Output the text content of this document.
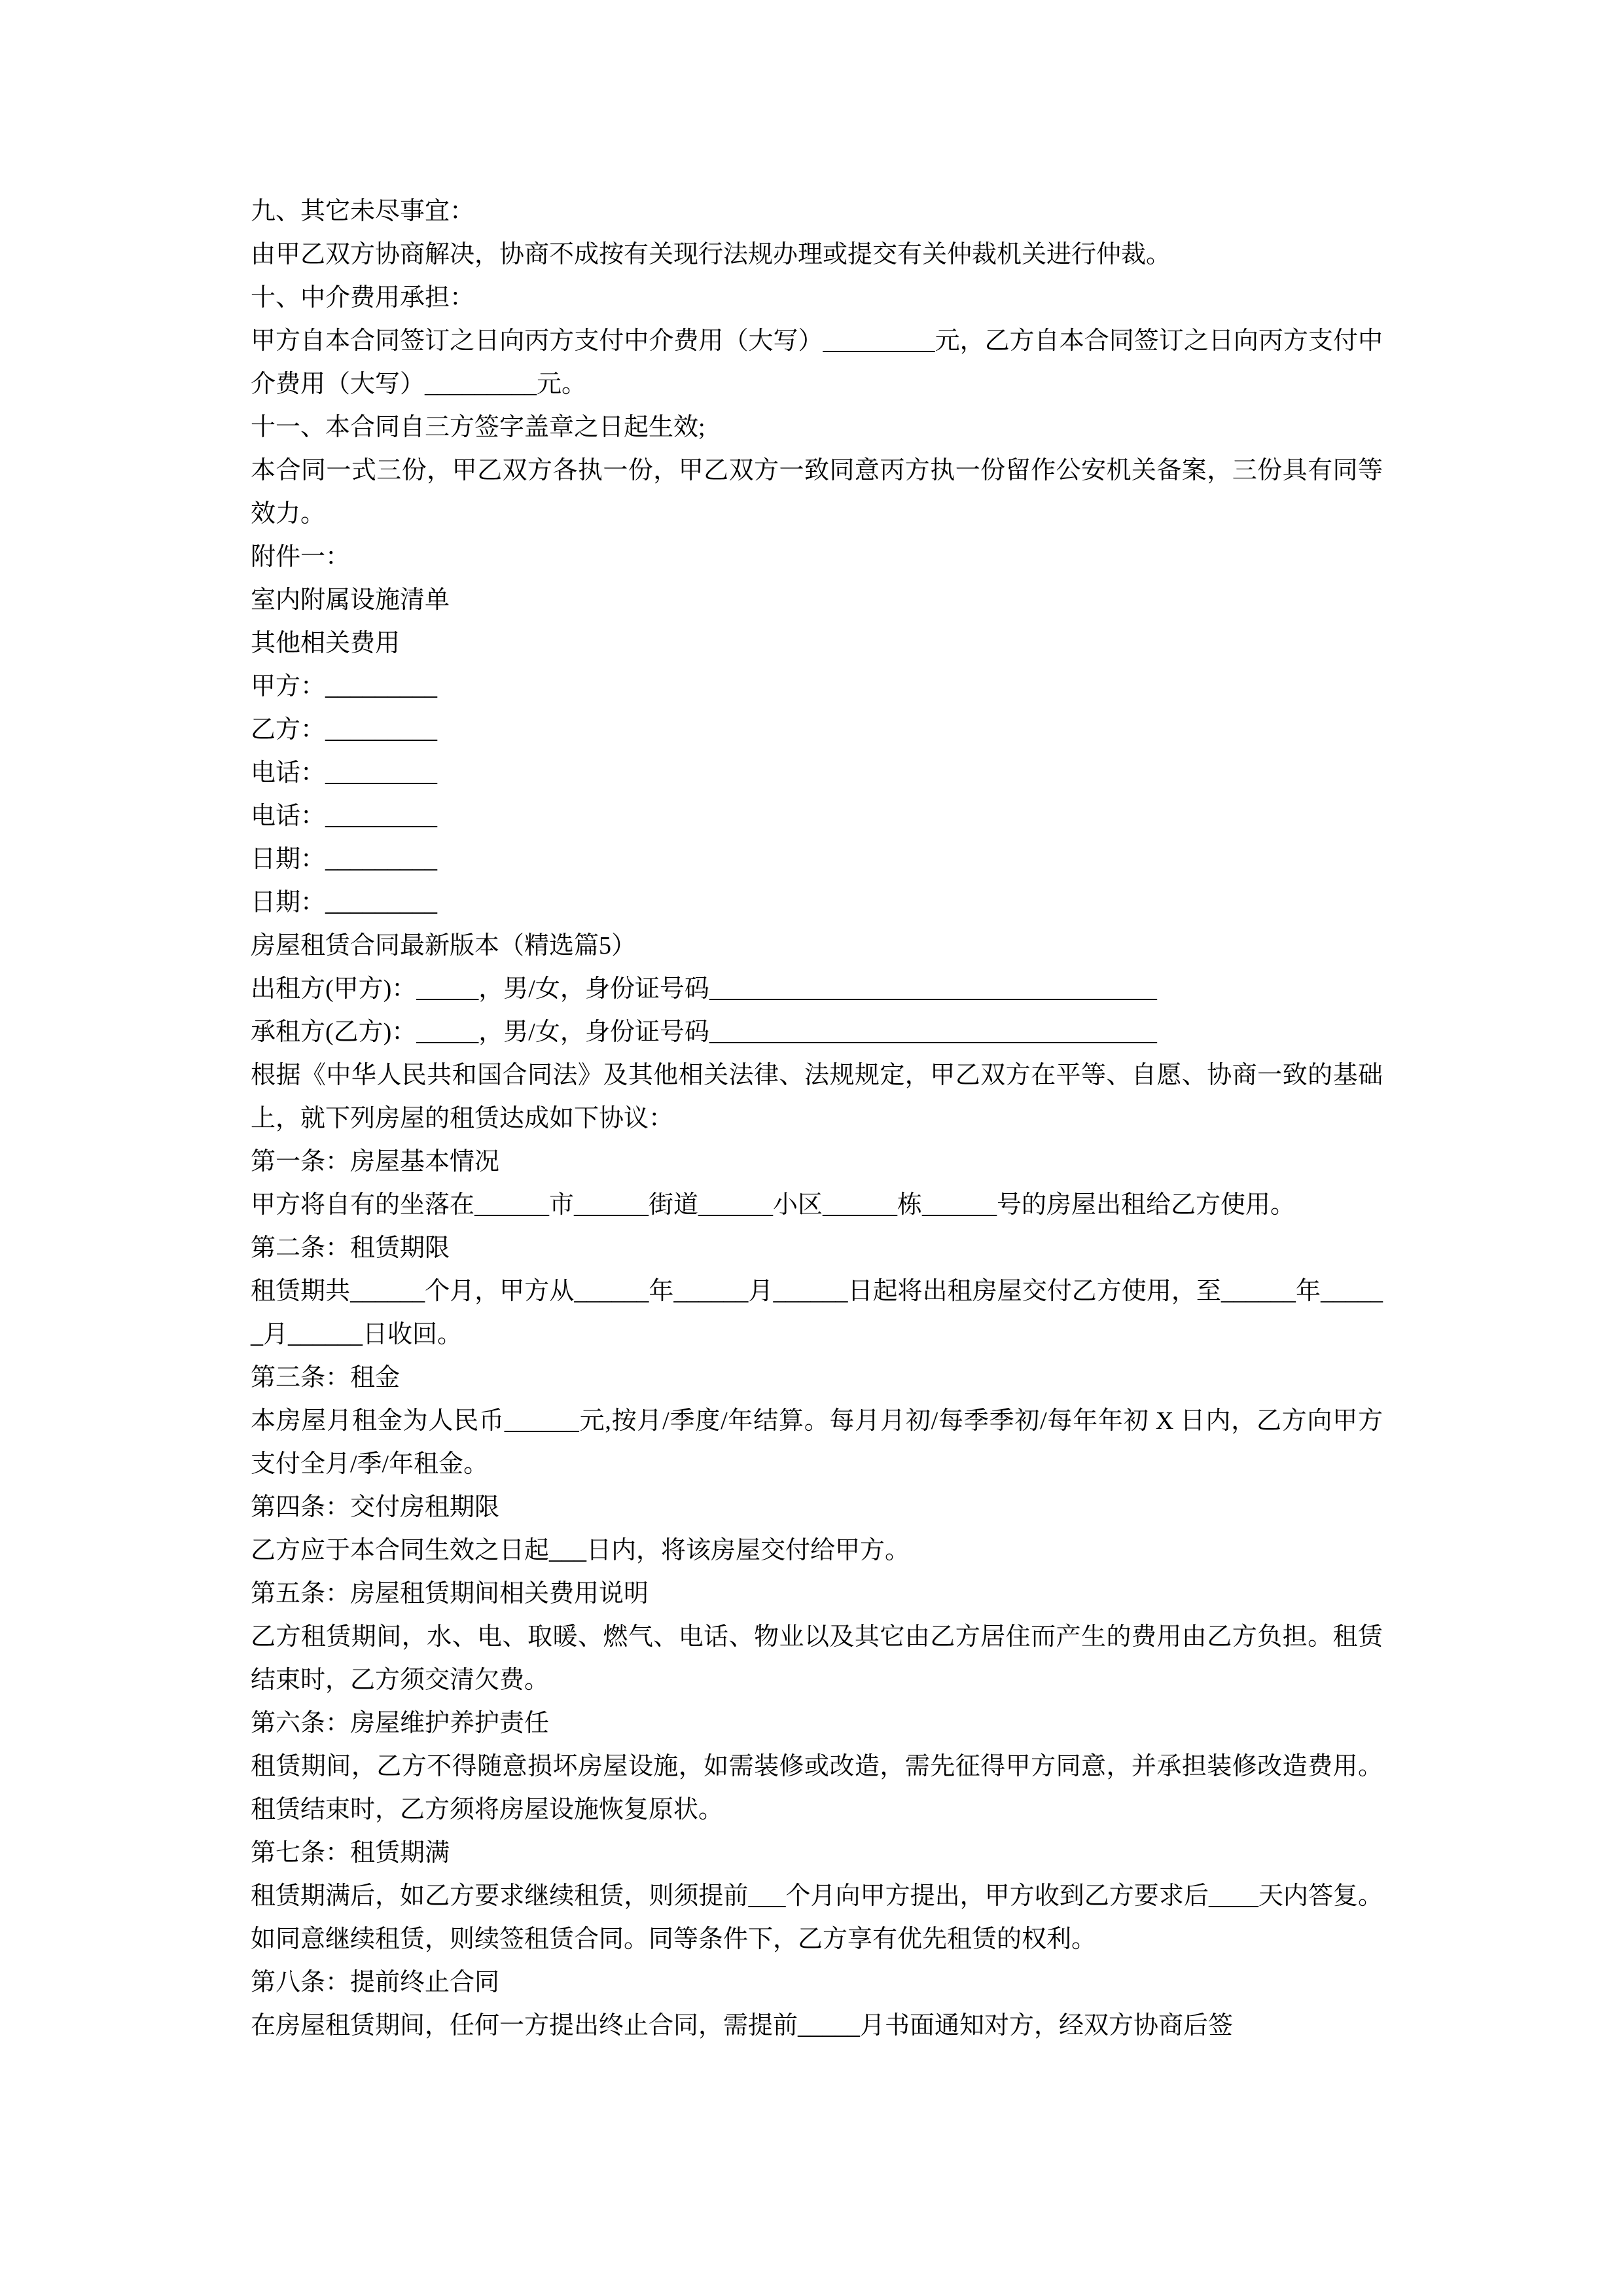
九、其它未尽事宜：
由甲乙双方协商解决，协商不成按有关现行法规办理或提交有关仲裁机关进行仲裁。
十、中介费用承担：
甲方自本合同签订之日向丙方支付中介费用（大写）_________元，乙方自本合同签订之日向丙方支付中介费用（大写）_________元。
十一、本合同自三方签字盖章之日起生效;
本合同一式三份，甲乙双方各执一份，甲乙双方一致同意丙方执一份留作公安机关备案，三份具有同等效力。
附件一：
室内附属设施清单
其他相关费用
甲方：_________
乙方：_________
电话：_________
电话：_________
日期：_________
日期：_________
房屋租赁合同最新版本（精选篇5）
出租方(甲方)：_____，男/女，身份证号码____________________________________
承租方(乙方)：_____，男/女，身份证号码____________________________________
根据《中华人民共和国合同法》及其他相关法律、法规规定，甲乙双方在平等、自愿、协商一致的基础上，就下列房屋的租赁达成如下协议：
第一条：房屋基本情况
甲方将自有的坐落在______市______街道______小区______栋______号的房屋出租给乙方使用。
第二条：租赁期限
租赁期共______个月，甲方从______年______月______日起将出租房屋交付乙方使用，至______年______月______日收回。
第三条：租金
本房屋月租金为人民币______元,按月/季度/年结算。每月月初/每季季初/每年年初 X 日内，乙方向甲方支付全月/季/年租金。
第四条：交付房租期限
乙方应于本合同生效之日起___日内，将该房屋交付给甲方。
第五条：房屋租赁期间相关费用说明
乙方租赁期间，水、电、取暖、燃气、电话、物业以及其它由乙方居住而产生的费用由乙方负担。租赁结束时，乙方须交清欠费。
第六条：房屋维护养护责任
租赁期间，乙方不得随意损坏房屋设施，如需装修或改造，需先征得甲方同意，并承担装修改造费用。租赁结束时，乙方须将房屋设施恢复原状。
第七条：租赁期满
租赁期满后，如乙方要求继续租赁，则须提前___个月向甲方提出，甲方收到乙方要求后____天内答复。如同意继续租赁，则续签租赁合同。同等条件下，乙方享有优先租赁的权利。
第八条：提前终止合同
在房屋租赁期间，任何一方提出终止合同，需提前_____月书面通知对方，经双方协商后签
